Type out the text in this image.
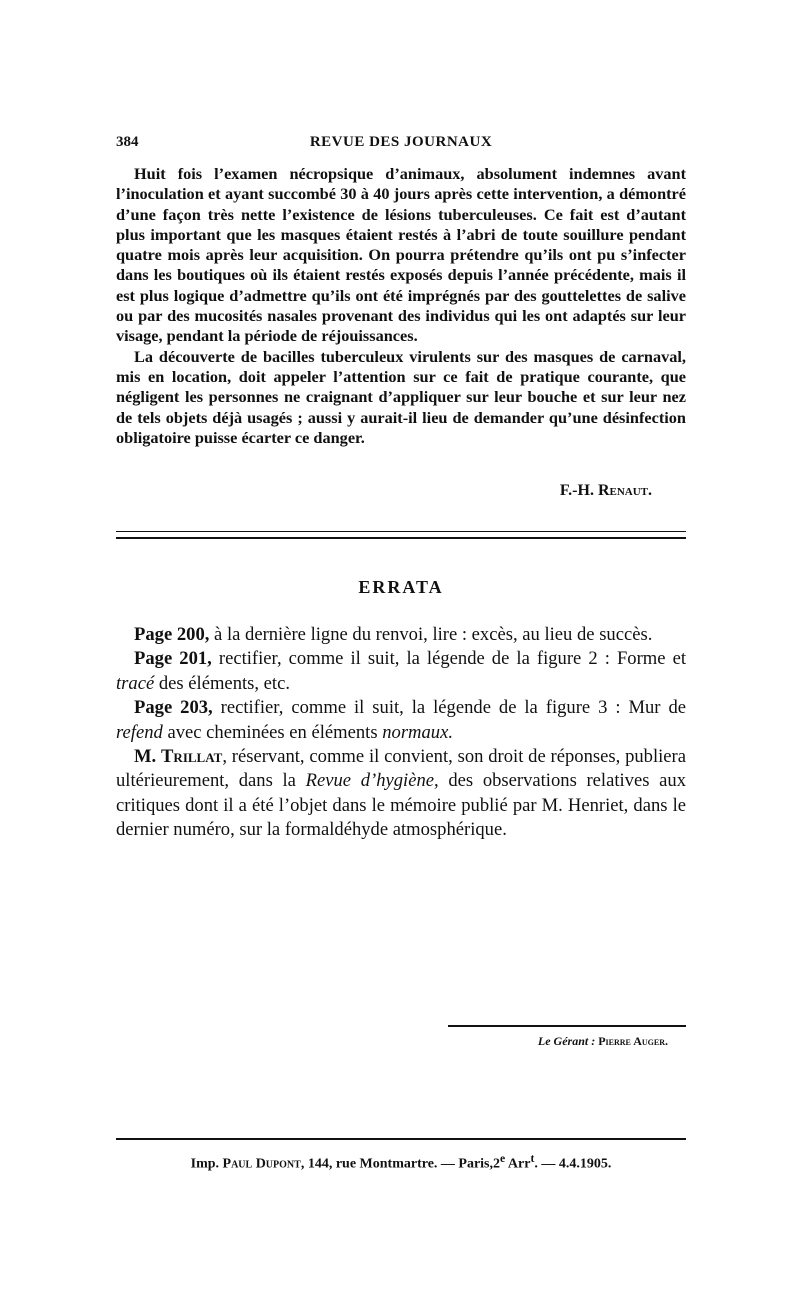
384	REVUE DES JOURNAUX

Huit fois l’examen nécropsique d’animaux, absolument indemnes avant l’inoculation et ayant succombé 30 à 40 jours après cette intervention, a démontré d’une façon très nette l’existence de lésions tuberculeuses. Ce fait est d’autant plus important que les masques étaient restés à l’abri de toute souillure pendant quatre mois après leur acquisition. On pourra prétendre qu’ils ont pu s’infecter dans les boutiques où ils étaient restés exposés depuis l’année précédente, mais il est plus logique d’admettre qu’ils ont été imprégnés par des gouttelettes de salive ou par des mucosités nasales provenant des individus qui les ont adaptés sur leur visage, pendant la période de réjouissances.

La découverte de bacilles tuberculeux virulents sur des masques de carnaval, mis en location, doit appeler l’attention sur ce fait de pratique courante, que négligent les personnes ne craignant d’appliquer sur leur bouche et sur leur nez de tels objets déjà usagés ; aussi y aurait-il lieu de demander qu’une désinfection obligatoire puisse écarter ce danger.

F.-H. Renaut.
ERRATA

Page 200, à la dernière ligne du renvoi, lire : excès, au lieu de succès.

Page 201, rectifier, comme il suit, la légende de la figure 2 : Forme et tracé des éléments, etc.

Page 203, rectifier, comme il suit, la légende de la figure 3 : Mur de refend avec cheminées en éléments normaux.

M. Trillat, réservant, comme il convient, son droit de réponses, publiera ultérieurement, dans la Revue d’hygiène, des observations relatives aux critiques dont il a été l’objet dans le mémoire publié par M. Henriet, dans le dernier numéro, sur la formaldéhyde atmosphérique.

Le Gérant : Pierre Auger.
Imp. Paul Dupont, 144, rue Montmartre. — Paris,2e Arr$^t$. — 4.4.1905.
